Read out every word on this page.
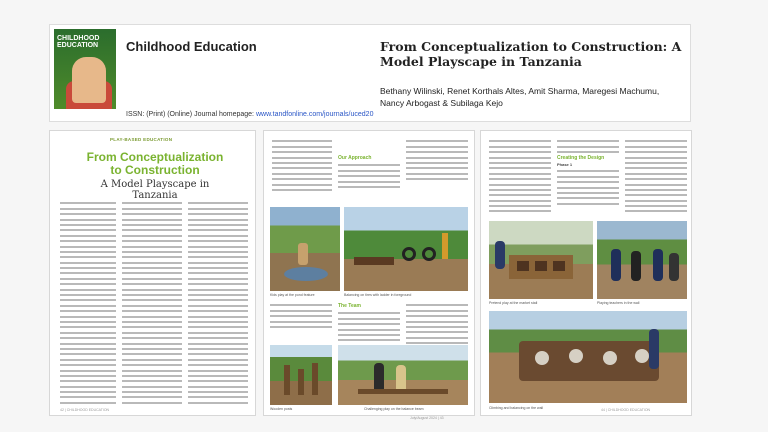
CHILDHOOD EDUCATION	Childhood Education
ISSN: (Print) (Online) Journal homepage: www.tandfonline.com/journals/uced20
From Conceptualization to Construction: A Model Playscape in Tanzania
Bethany Wilinski, Renet Korthals Altes, Amit Sharma, Maregesi Machumu, Nancy Arbogast & Subilaga Kejo
PLAY-BASED EDUCATION
From Conceptualization
to Construction
A Model Playscape in Tanzania
42 | CHILDHOOD EDUCATION
Our Approach
Kids play at the pond feature	Balancing on tires with ladder in foreground
The Team
Wooden posts	Challenging play on the balance beam
Creating the Design
Phase 1
Pretend play at the market stall	Playing teachers in the wall
Climbing and balancing on the wall	44 | CHILDHOOD EDUCATION
July/August 2024 | 43
